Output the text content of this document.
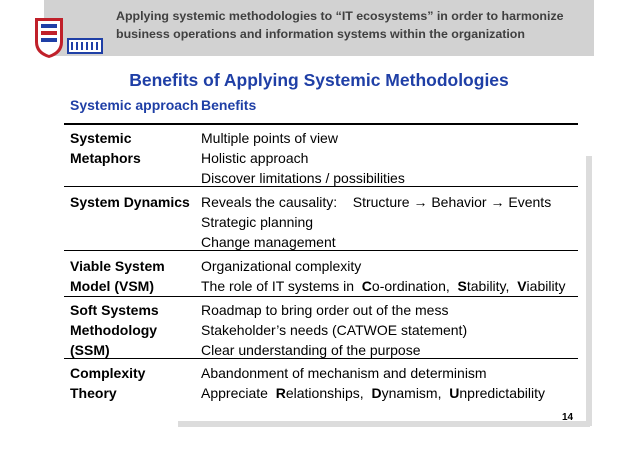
Applying systemic methodologies to “IT ecosystems” in order to harmonize
business operations and information systems within the organization
Benefits of Applying Systemic Methodologies
Systemic approach Benefits
Systemic
Metaphors
Multiple points of view
Holistic approach
Discover limitations / possibilities
System Dynamics Reveals the causality: Structure → Behavior → Events
Strategic planning
Change management
Viable System
Model (VSM)
Organizational complexity
The role of IT systems in Co-ordination, Stability, Viability
Soft Systems
Methodology
(SSM)
Roadmap to bring order out of the mess
Stakeholder’s needs (CATWOE statement)
Clear understanding of the purpose
Complexity
Theory
Abandonment of mechanism and determinism
Appreciate Relationships, Dynamism, Unpredictability
14
